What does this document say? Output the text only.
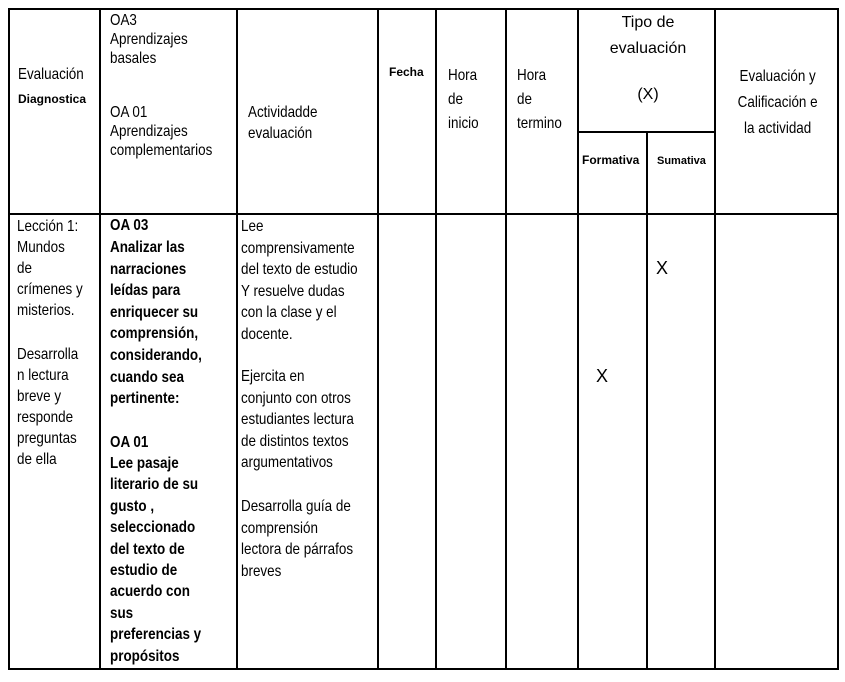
Evaluación
Diagnostica
OA3
Aprendizajes
basales
OA 01
Aprendizajes
complementarios
Actividadde
evaluación
Fecha Hora
de
inicio
Hora
de
termino
Tipo de
evaluación
(X)
Formativa Sumativa
Evaluación y
Calificación e
la actividad
Lección 1:
Mundos
de
crímenes y
misterios.
Desarrolla
n lectura
breve y
responde
preguntas
de ella
OA 03
Analizar las
narraciones
leídas para
enriquecer su
comprensión,
considerando,
cuando sea
pertinente:
OA 01
Lee pasaje
literario de su
gusto ,
seleccionado
del texto de
estudio de
acuerdo con
sus
preferencias y
propósitos
Lee
comprensivamente
del texto de estudio
Y resuelve dudas
con la clase y el
docente.
Ejercita en
conjunto con otros
estudiantes lectura
de distintos textos
argumentativos
Desarrolla guía de
comprensión
lectora de párrafos
breves
X
X
